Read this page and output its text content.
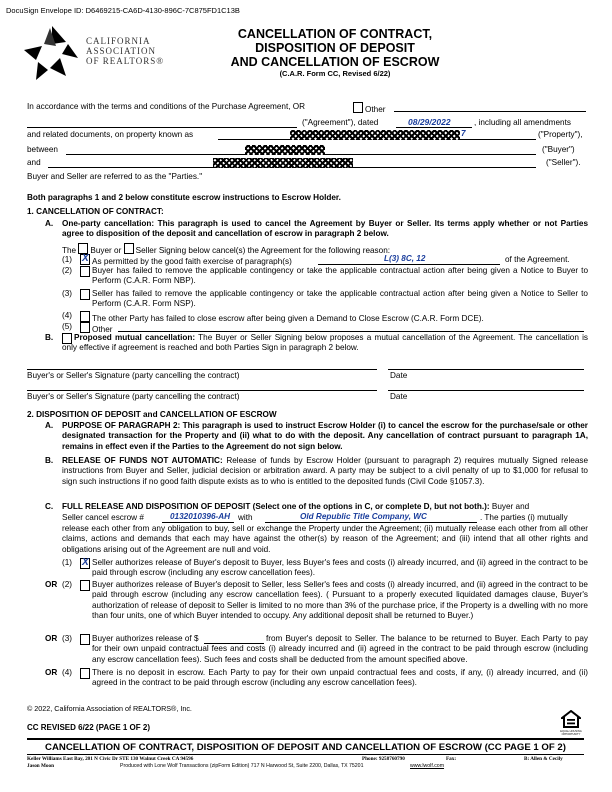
DocuSign Envelope ID: D6469215-CA6D-4130-896C-7C875FD1C13B
CALIFORNIA
ASSOCIATION
OF REALTORS®
CANCELLATION OF CONTRACT,
DISPOSITION OF DEPOSIT
AND CANCELLATION OF ESCROW
(C.A.R. Form CC, Revised 6/22)
In accordance with the terms and conditions of the Purchase Agreement, OR	Other
("Agreement"), dated	08/29/2022	, including all amendments
and related documents, on property known as	7	("Property"),
between	("Buyer")
and	("Seller").
Buyer and Seller are referred to as the "Parties."
Both paragraphs 1 and 2 below constitute escrow instructions to Escrow Holder.
1. CANCELLATION OF CONTRACT:
A. One-party cancellation: This paragraph is used to cancel the Agreement by Buyer or Seller. Its terms apply whether or not Parties agree to disposition of the deposit and cancellation of escrow in paragraph 2 below.
The Buyer or Seller Signing below cancel(s) the Agreement for the following reason:
(1) X	As permitted by the good faith exercise of paragraph(s)	L(3) 8C, 12	of the Agreement.
(2) Buyer has failed to remove the applicable contingency or take the applicable contractual action after being given a Notice to Buyer to Perform (C.A.R. Form NBP).
(3) Seller has failed to remove the applicable contingency or take the applicable contractual action after being given a Notice to Seller to Perform (C.A.R. Form NSP).
(4)	The other Party has failed to close escrow after being given a Demand to Close Escrow (C.A.R. Form DCE).
(5)	Other
B.	Proposed mutual cancellation: The Buyer or Seller Signing below proposes a mutual cancellation of the Agreement. The cancellation is only effective if agreement is reached and both Parties Sign in paragraph 2 below.
Buyer's or Seller's Signature (party cancelling the contract)	Date
Buyer's or Seller's Signature (party cancelling the contract)	Date
2. DISPOSITION OF DEPOSIT and CANCELLATION OF ESCROW
A. PURPOSE OF PARAGRAPH 2: This paragraph is used to instruct Escrow Holder (i) to cancel the escrow for the purchase/sale or other designated transaction for the Property and (ii) what to do with the deposit. Any cancellation of contract pursuant to paragraph 1A, remains in effect even if the Parties to the Agreement do not sign below.
B. RELEASE OF FUNDS NOT AUTOMATIC: Release of funds by Escrow Holder (pursuant to paragraph 2) requires mutually Signed release instructions from Buyer and Seller, judicial decision or arbitration award. A party may be subject to a civil penalty of up to $1,000 for refusal to sign such instructions if no good faith dispute exists as to who is entitled to the deposited funds (Civil Code §1057.3).
C. FULL RELEASE AND DISPOSITION OF DEPOSIT (Select one of the options in C, or complete D, but not both.): Buyer and
Seller cancel escrow #	0132010396-AH with	Old Republic Title Company, WC	. The parties (i) mutually
release each other from any obligation to buy, sell or exchange the Property under the Agreement; (ii) mutually release each other from all other claims, actions and demands that each may have against the other(s) by reason of the Agreement; and (iii) intend that all other rights and obligations arising out of the Agreement are null and void.
(1) X Seller authorizes release of Buyer's deposit to Buyer, less Buyer's fees and costs (i) already incurred, and (ii) agreed in the contract to be paid through escrow (including any escrow cancellation fees).
OR (2) Buyer authorizes release of Buyer's deposit to Seller, less Seller's fees and costs (i) already incurred, and (ii) agreed in the contract to be paid through escrow (including any escrow cancellation fees). ( Pursuant to a properly executed liquidated damages clause, Buyer's authorization of release of deposit to Seller is limited to no more than 3% of the purchase price, if the Property is a dwelling with no more than four units, one of which Buyer intended to occupy. Any additional deposit shall be returned to Buyer.)
OR (3) Buyer authorizes release of $	from Buyer's deposit to Seller. The balance to be returned to Buyer. Each Party to pay for their own unpaid contractual fees and costs (i) already incurred and (ii) agreed in the contract to be paid through escrow (including any escrow cancellation fees). Such fees and costs shall be deducted from the amount specified above.
OR (4) There is no deposit in escrow. Each Party to pay for their own unpaid contractual fees and costs, if any, (i) already incurred, and (ii) agreed in the contract to be paid through escrow (including any escrow cancellation fees).
© 2022, California Association of REALTORS®, Inc.
CC REVISED 6/22 (PAGE 1 OF 2)	EQUAL HOUSING OPPORTUNITY
CANCELLATION OF CONTRACT, DISPOSITION OF DEPOSIT AND CANCELLATION OF ESCROW (CC PAGE 1 OF 2)
Keller Williams East Bay, 201 N Civic Dr STE 130 Walnut Creek CA 94596	Phone: 9258760790	Fax:	B: Allen & Cecily
Jason Moon	Produced with Lone Wolf Transactions (zipForm Edition) 717 N Harwood St, Suite 2200, Dallas, TX 75201	www.lwolf.com
